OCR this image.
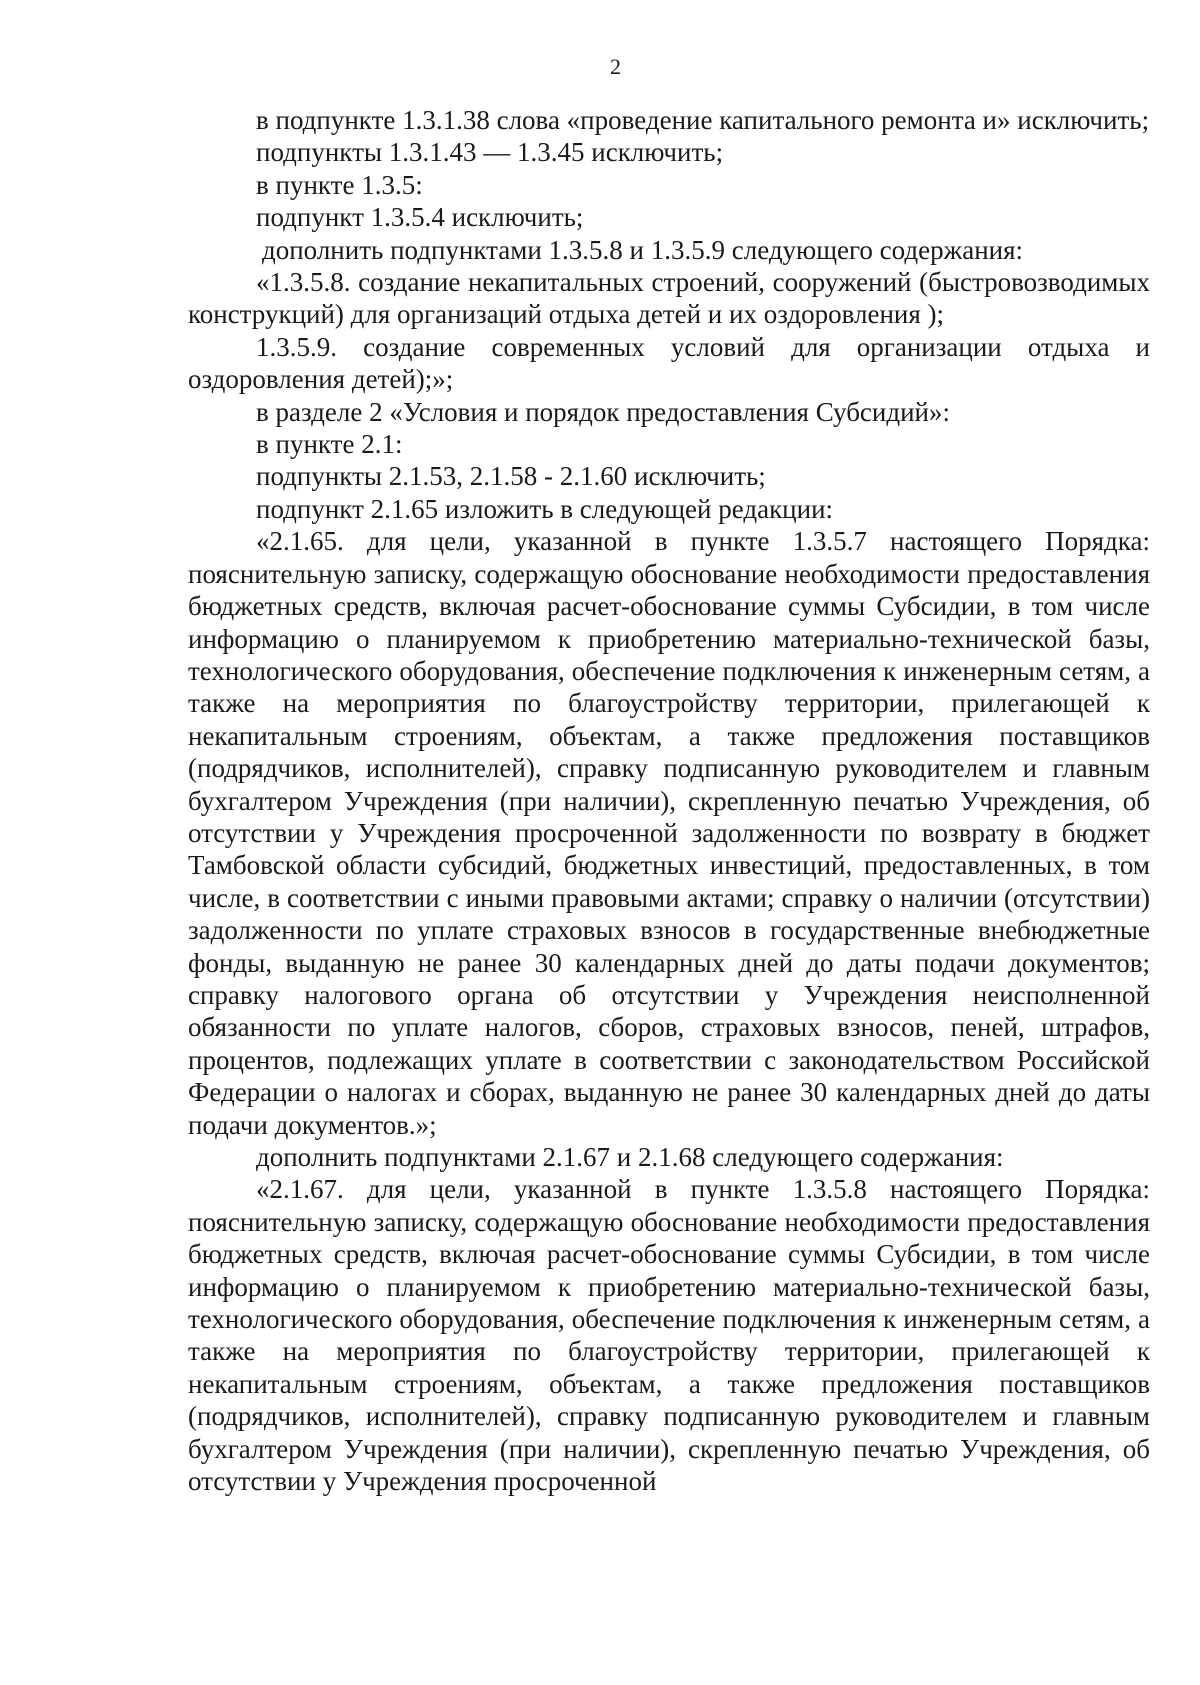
2

в подпункте 1.3.1.38 слова «проведение капитального ремонта и» исключить;

подпункты 1.3.1.43 — 1.3.45 исключить;

в пункте 1.3.5:

подпункт 1.3.5.4 исключить;

дополнить подпунктами 1.3.5.8 и 1.3.5.9 следующего содержания:

«1.3.5.8. создание некапитальных строений, сооружений (быстровозводимых конструкций) для организаций отдыха детей и их оздоровления );

1.3.5.9. создание современных условий для организации отдыха и оздоровления детей);»;

в разделе 2 «Условия и порядок предоставления Субсидий»:

в пункте 2.1:

подпункты 2.1.53, 2.1.58 - 2.1.60 исключить;

подпункт 2.1.65 изложить в следующей редакции:

«2.1.65. для цели, указанной в пункте 1.3.5.7 настоящего Порядка: пояснительную записку, содержащую обоснование необходимости предоставления бюджетных средств, включая расчет-обоснование суммы Субсидии, в том числе информацию о планируемом к приобретению материально-технической базы, технологического оборудования, обеспечение подключения к инженерным сетям, а также на мероприятия по благоустройству территории, прилегающей к некапитальным строениям, объектам, а также предложения поставщиков (подрядчиков, исполнителей), справку подписанную руководителем и главным бухгалтером Учреждения (при наличии), скрепленную печатью Учреждения, об отсутствии у Учреждения просроченной задолженности по возврату в бюджет Тамбовской области субсидий, бюджетных инвестиций, предоставленных, в том числе, в соответствии с иными правовыми актами; справку о наличии (отсутствии) задолженности по уплате страховых взносов в государственные внебюджетные фонды, выданную не ранее 30 календарных дней до даты подачи документов; справку налогового органа об отсутствии у Учреждения неисполненной обязанности по уплате налогов, сборов, страховых взносов, пеней, штрафов, процентов, подлежащих уплате в соответствии с законодательством Российской Федерации о налогах и сборах, выданную не ранее 30 календарных дней до даты подачи документов.»;

дополнить подпунктами 2.1.67 и 2.1.68 следующего содержания:

«2.1.67. для цели, указанной в пункте 1.3.5.8 настоящего Порядка: пояснительную записку, содержащую обоснование необходимости предоставления бюджетных средств, включая расчет-обоснование суммы Субсидии, в том числе информацию о планируемом к приобретению материально-технической базы, технологического оборудования, обеспечение подключения к инженерным сетям, а также на мероприятия по благоустройству территории, прилегающей к некапитальным строениям, объектам, а также предложения поставщиков (подрядчиков, исполнителей), справку подписанную руководителем и главным бухгалтером Учреждения (при наличии), скрепленную печатью Учреждения, об отсутствии у Учреждения просроченной
